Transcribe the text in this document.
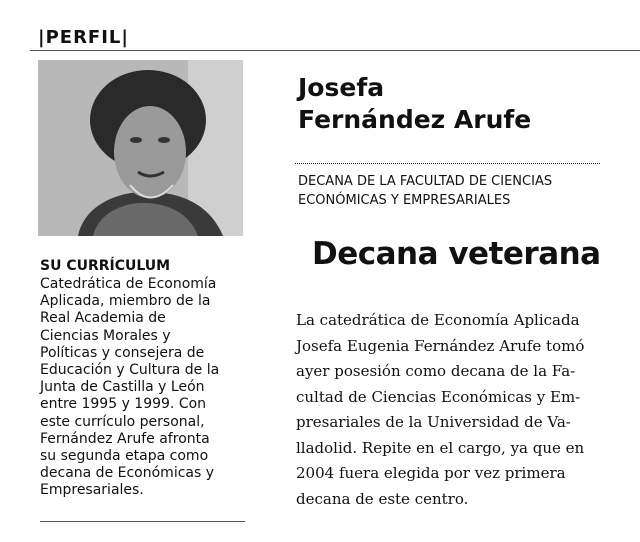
|PERFIL|
SU CURRÍCULUM
Catedrática de Economía
Aplicada, miembro de la
Real Academia de
Ciencias Morales y
Políticas y consejera de
Educación y Cultura de la
Junta de Castilla y León
entre 1995 y 1999. Con
este currículo personal,
Fernández Arufe afronta
su segunda etapa como
decana de Económicas y
Empresariales.
Josefa
Fernández Arufe
DECANA DE LA FACULTAD DE CIENCIAS
ECONÓMICAS Y EMPRESARIALES
Decana veterana
La catedrática de Economía Aplicada
Josefa Eugenia Fernández Arufe tomó
ayer posesión como decana de la Fa-
cultad de Ciencias Económicas y Em-
presariales de la Universidad de Va-
lladolid. Repite en el cargo, ya que en
2004 fuera elegida por vez primera
decana de este centro.
